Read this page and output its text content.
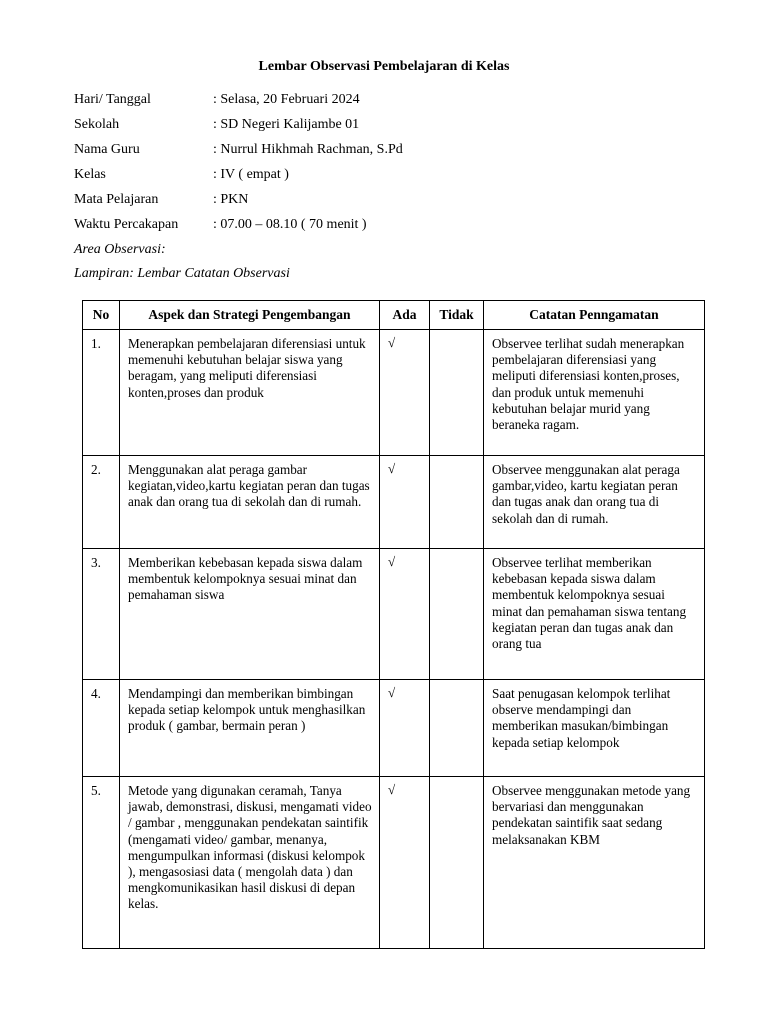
Lembar Observasi Pembelajaran di Kelas
Hari/ Tanggal	: Selasa, 20 Februari 2024
Sekolah	: SD Negeri Kalijambe 01
Nama Guru	: Nurrul Hikhmah Rachman, S.Pd
Kelas	: IV ( empat )
Mata Pelajaran	: PKN
Waktu Percakapan	: 07.00 – 08.10 ( 70 menit )
Area Observasi:
Lampiran: Lembar Catatan Observasi
No	Aspek dan Strategi Pengembangan	Ada	Tidak	Catatan Penngamatan
1.	Menerapkan pembelajaran diferensiasi untuk memenuhi kebutuhan belajar siswa yang beragam, yang meliputi diferensiasi konten,proses dan produk	√		Observee terlihat sudah menerapkan pembelajaran diferensiasi yang meliputi diferensiasi konten,proses, dan produk untuk memenuhi kebutuhan belajar murid yang beraneka ragam.
2.	Menggunakan alat peraga gambar kegiatan,video,kartu kegiatan peran dan tugas anak dan orang tua di sekolah dan di rumah.	√		Observee menggunakan alat peraga gambar,video, kartu kegiatan peran dan tugas anak dan orang tua di sekolah dan di rumah.
3.	Memberikan kebebasan kepada siswa dalam membentuk kelompoknya sesuai minat dan pemahaman siswa	√		Observee terlihat memberikan kebebasan kepada siswa dalam membentuk kelompoknya sesuai minat dan pemahaman siswa tentang kegiatan peran dan tugas anak dan orang tua
4.	Mendampingi dan memberikan bimbingan kepada setiap kelompok untuk menghasilkan produk ( gambar, bermain peran )	√		Saat penugasan kelompok terlihat observe mendampingi dan memberikan masukan/bimbingan kepada setiap kelompok
5.	Metode yang digunakan ceramah, Tanya jawab, demonstrasi, diskusi, mengamati video / gambar , menggunakan pendekatan saintifik (mengamati video/ gambar, menanya, mengumpulkan informasi (diskusi kelompok ), mengasosiasi data ( mengolah data ) dan mengkomunikasikan hasil diskusi di depan kelas.	√		Observee menggunakan metode yang bervariasi dan menggunakan pendekatan saintifik saat sedang melaksanakan KBM
